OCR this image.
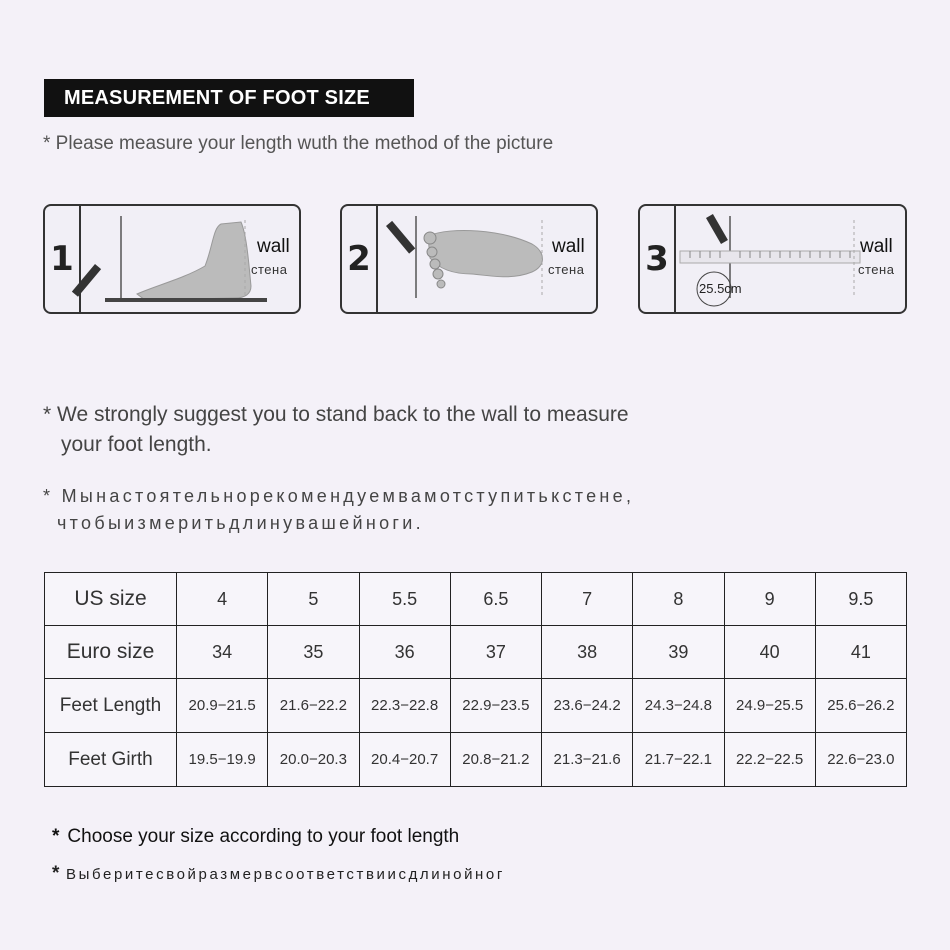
MEASUREMENT OF FOOT SIZE
* Please measure your length wuth the method of the picture
1	wall
стена 2	wall
стена 3
25.5cm
wall
стена
* We strongly suggest you to stand back to the wall to measure
your foot length.
* Мынастоятельнорекомендуемвамотступитькстене,
чтобыизмеритьдлинувашейноги.
US size	4	5	5.5	6.5	7	8	9	9.5
Euro size	34	35	36	37	38	39	40	41
Feet Length	20.9−21.5	21.6−22.2	22.3−22.8	22.9−23.5	23.6−24.2	24.3−24.8	24.9−25.5	25.6−26.2
Feet Girth	19.5−19.9	20.0−20.3	20.4−20.7	20.8−21.2	21.3−21.6	21.7−22.1	22.2−22.5	22.6−23.0
* Choose your size according to your foot length
* Выберитесвойразмервсоответствиисдлинойног
